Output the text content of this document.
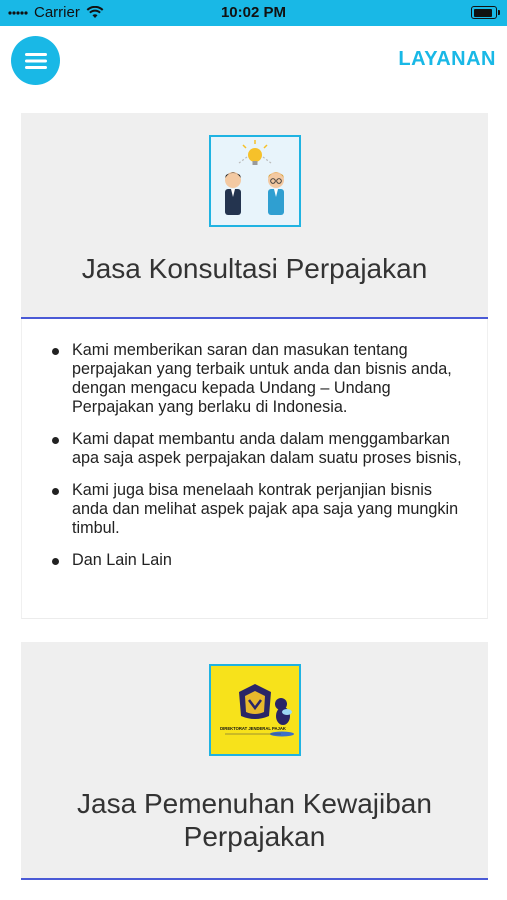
Carrier	10:02 PM
LAYANAN
Jasa Konsultasi Perpajakan
Kami memberikan saran dan masukan tentang perpajakan yang terbaik untuk anda dan bisnis anda, dengan mengacu kepada Undang – Undang Perpajakan yang berlaku di Indonesia.
Kami dapat membantu anda dalam menggambarkan apa saja aspek perpajakan dalam suatu proses bisnis,
Kami juga bisa menelaah kontrak perjanjian bisnis anda dan melihat aspek pajak apa saja yang mungkin timbul.
Dan Lain Lain
DIREKTORAT JENDERAL PAJAK
Jasa Pemenuhan Kewajiban
Perpajakan
